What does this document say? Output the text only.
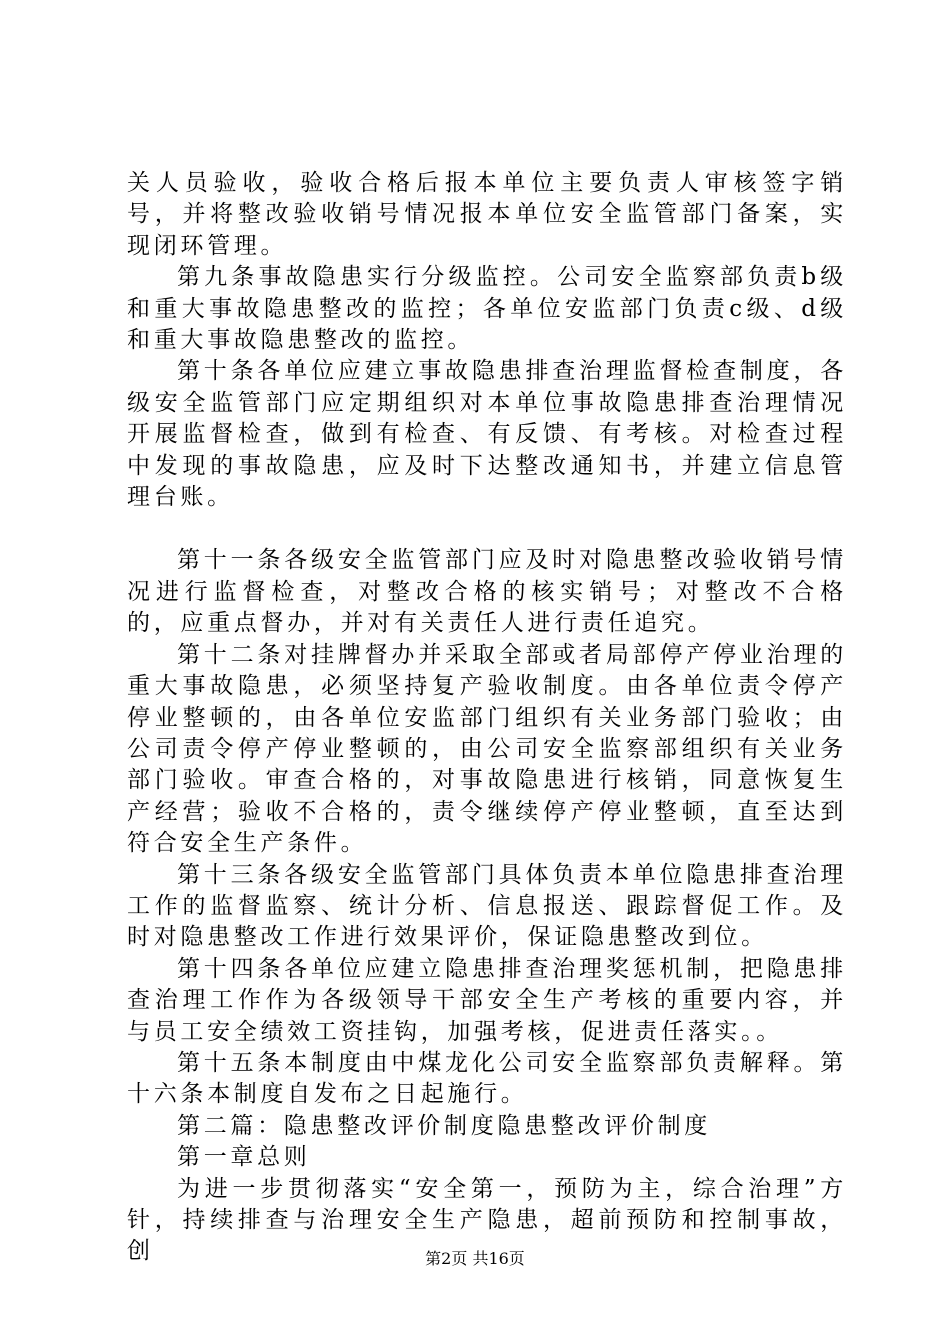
关人员验收，验收合格后报本单位主要负责人审核签字销号，并将整改验收销号情况报本单位安全监管部门备案，实现闭环管理。

第九条事故隐患实行分级监控。公司安全监察部负责b级和重大事故隐患整改的监控；各单位安监部门负责c级、d级和重大事故隐患整改的监控。

第十条各单位应建立事故隐患排查治理监督检查制度，各级安全监管部门应定期组织对本单位事故隐患排查治理情况开展监督检查，做到有检查、有反馈、有考核。对检查过程中发现的事故隐患，应及时下达整改通知书，并建立信息管理台账。

第十一条各级安全监管部门应及时对隐患整改验收销号情况进行监督检查，对整改合格的核实销号；对整改不合格的，应重点督办，并对有关责任人进行责任追究。

第十二条对挂牌督办并采取全部或者局部停产停业治理的重大事故隐患，必须坚持复产验收制度。由各单位责令停产停业整顿的，由各单位安监部门组织有关业务部门验收；由公司责令停产停业整顿的，由公司安全监察部组织有关业务部门验收。审查合格的，对事故隐患进行核销，同意恢复生产经营；验收不合格的，责令继续停产停业整顿，直至达到符合安全生产条件。

第十三条各级安全监管部门具体负责本单位隐患排查治理工作的监督监察、统计分析、信息报送、跟踪督促工作。及时对隐患整改工作进行效果评价，保证隐患整改到位。

第十四条各单位应建立隐患排查治理奖惩机制，把隐患排查治理工作作为各级领导干部安全生产考核的重要内容，并与员工安全绩效工资挂钩，加强考核，促进责任落实。。

第十五条本制度由中煤龙化公司安全监察部负责解释。第十六条本制度自发布之日起施行。

第二篇：隐患整改评价制度隐患整改评价制度

第一章总则

为进一步贯彻落实“安全第一，预防为主，综合治理”方针，持续排查与治理安全生产隐患，超前预防和控制事故，创	第2页 共16页
